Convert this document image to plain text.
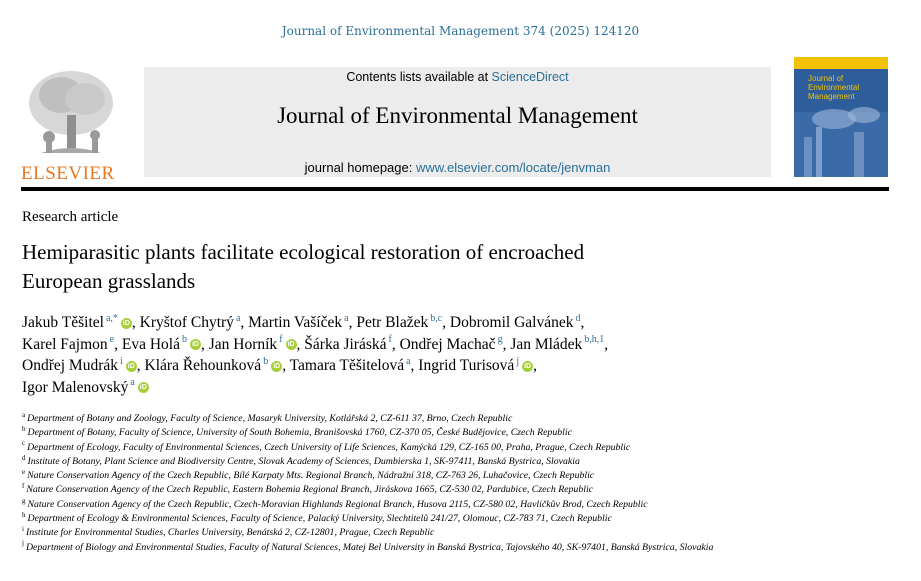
Journal of Environmental Management 374 (2025) 124120
ELSEVIER
Contents lists available at ScienceDirect
Journal of Environmental Management
journal homepage: www.elsevier.com/locate/jenvman
Journal of
Environmental
Management
Research article
Hemiparasitic plants facilitate ecological restoration of encroached
European grasslands
Jakub Těšitel $^{a,*}$ iD , Kryštof Chytrý $^a$, Martin Vašíček $^a$, Petr Blažek $^{b,c}$, Dobromil Galvánek $^d$,
Karel Fajmon $^e$, Eva Holá $^b$ iD , Jan Horník $^f$ iD , Šárka Jiráská $^f$, Ondřej Machač $^g$, Jan Mládek $^{b,h,1}$,
Ondřej Mudrák $^i$ iD , Klára Řehounková $^b$ iD , Tamara Těšitelová $^a$, Ingrid Turisová $^j$ iD ,
Igor Malenovský $^a$ iD
$^a$ Department of Botany and Zoology, Faculty of Science, Masaryk University, Kotlářská 2, CZ-611 37, Brno, Czech Republic
$^b$ Department of Botany, Faculty of Science, University of South Bohemia, Branišovská 1760, CZ-370 05, České Budějovice, Czech Republic
$^c$ Department of Ecology, Faculty of Environmental Sciences, Czech University of Life Sciences, Kamýcká 129, CZ-165 00, Praha, Prague, Czech Republic
$^d$ Institute of Botany, Plant Science and Biodiversity Centre, Slovak Academy of Sciences, Dumbierska 1, SK-97411, Banská Bystrica, Slovakia
$^e$ Nature Conservation Agency of the Czech Republic, Bílé Karpaty Mts. Regional Branch, Nádražní 318, CZ-763 26, Luhačovice, Czech Republic
$^f$ Nature Conservation Agency of the Czech Republic, Eastern Bohemia Regional Branch, Jiráskova 1665, CZ-530 02, Pardubice, Czech Republic
$^g$ Nature Conservation Agency of the Czech Republic, Czech-Moravian Highlands Regional Branch, Husova 2115, CZ-580 02, Havlíčkův Brod, Czech Republic
$^h$ Department of Ecology & Environmental Sciences, Faculty of Science, Palacký University, Slechtitelů 241/27, Olomouc, CZ-783 71, Czech Republic
$^i$ Institute for Environmental Studies, Charles University, Benátská 2, CZ-12801, Prague, Czech Republic
$^j$ Department of Biology and Environmental Studies, Faculty of Natural Sciences, Matej Bel University in Banská Bystrica, Tajovského 40, SK-97401, Banská Bystrica, Slovakia
